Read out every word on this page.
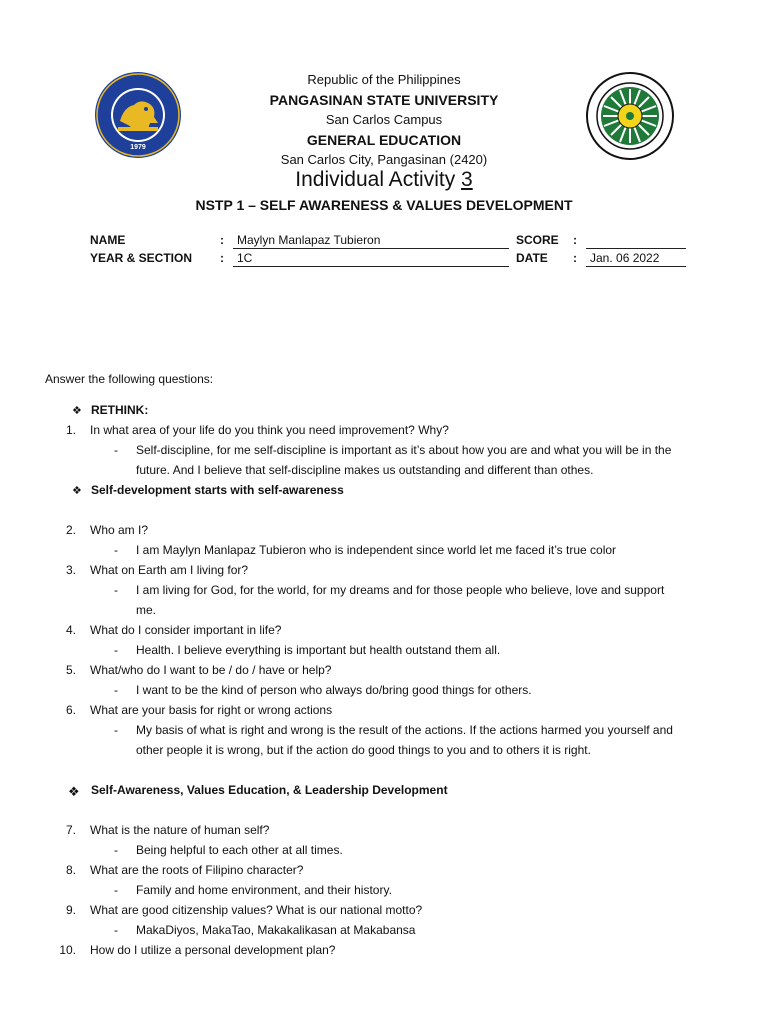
1979
Republic of the Philippines
PANGASINAN STATE UNIVERSITY
San Carlos Campus
GENERAL EDUCATION
San Carlos City, Pangasinan (2420)
Individual Activity 3
NSTP 1 – SELF AWARENESS & VALUES DEVELOPMENT
NAME	:	Maylyn Manlapaz Tubieron	SCORE :
YEAR & SECTION :	1C	DATE :	Jan. 06 2022
Answer the following questions:
❖ RETHINK:
1. In what area of your life do you think you need improvement? Why?
- Self-discipline, for me self-discipline is important as it’s about how you are and what you will be in the
future. And I believe that self-discipline makes us outstanding and different than othes.
❖ Self-development starts with self-awareness
2. Who am I?
- I am Maylyn Manlapaz Tubieron who is independent since world let me faced it’s true color
3. What on Earth am I living for?
- I am living for God, for the world, for my dreams and for those people who believe, love and support
me.
4. What do I consider important in life?
- Health. I believe everything is important but health outstand them all.
5. What/who do I want to be / do / have or help?
- I want to be the kind of person who always do/bring good things for others.
6. What are your basis for right or wrong actions
- My basis of what is right and wrong is the result of the actions. If the actions harmed you yourself and
other people it is wrong, but if the action do good things to you and to others it is right.
❖ Self-Awareness, Values Education, & Leadership Development
7. What is the nature of human self?
- Being helpful to each other at all times.
8. What are the roots of Filipino character?
- Family and home environment, and their history.
9. What are good citizenship values? What is our national motto?
- MakaDiyos, MakaTao, Makakalikasan at Makabansa
10. How do I utilize a personal development plan?
